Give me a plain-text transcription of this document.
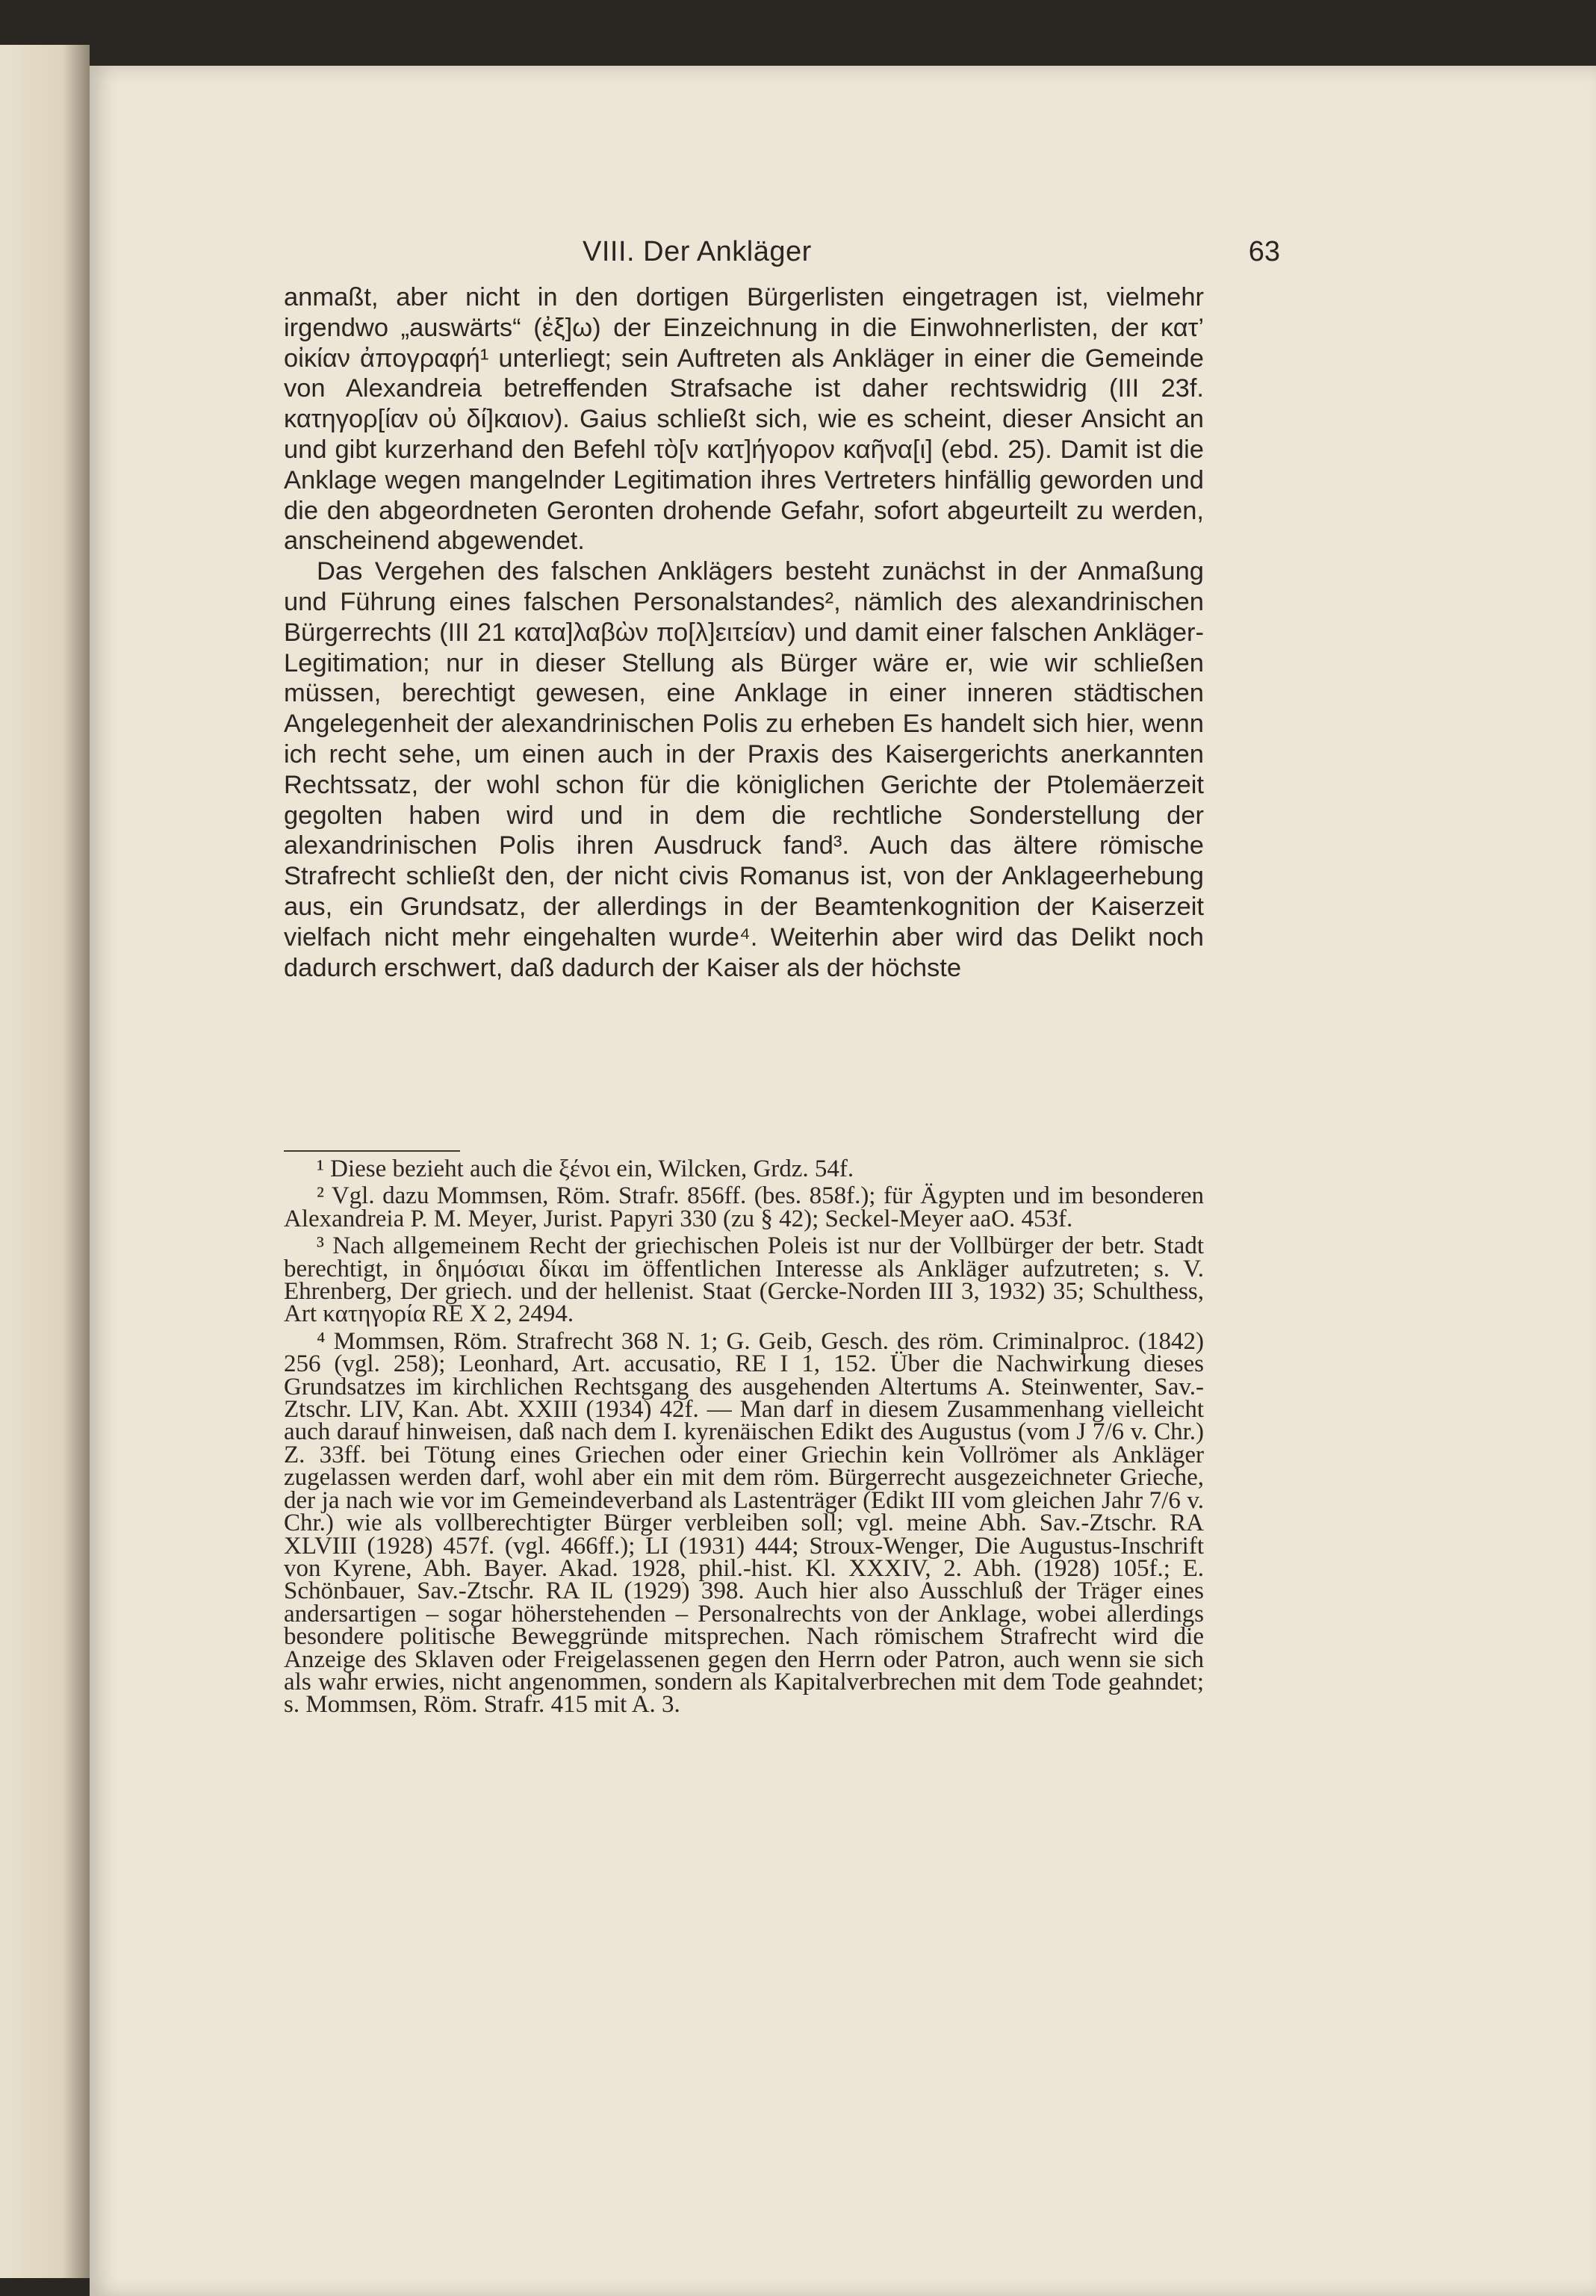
VIII. Der Ankläger	63

anmaßt, aber nicht in den dortigen Bürgerlisten eingetragen ist, vielmehr irgendwo „auswärts“ (ἐξ]ω) der Einzeichnung in die Einwohnerlisten, der κατ’ οἰκίαν ἀπογραφή¹ unterliegt; sein Auftreten als Ankläger in einer die Gemeinde von Alexandreia betreffenden Strafsache ist daher rechtswidrig (III 23f. κατηγορ[ίαν οὐ δί]καιον). Gaius schließt sich, wie es scheint, dieser Ansicht an und gibt kurzerhand den Befehl τὸ[ν κατ]ήγορον καῆνα[ι] (ebd. 25). Damit ist die Anklage wegen mangelnder Legitimation ihres Vertreters hinfällig geworden und die den abgeordneten Geronten drohende Gefahr, sofort abgeurteilt zu werden, anscheinend abgewendet.

Das Vergehen des falschen Anklägers besteht zunächst in der Anmaßung und Führung eines falschen Personalstandes², nämlich des alexandrinischen Bürgerrechts (III 21 κατα]λαβὼν πο[λ]ειτείαν) und damit einer falschen Ankläger-Legitimation; nur in dieser Stellung als Bürger wäre er, wie wir schließen müssen, berechtigt gewesen, eine Anklage in einer inneren städtischen Angelegenheit der alexandrinischen Polis zu erheben Es handelt sich hier, wenn ich recht sehe, um einen auch in der Praxis des Kaisergerichts anerkannten Rechtssatz, der wohl schon für die königlichen Gerichte der Ptolemäerzeit gegolten haben wird und in dem die rechtliche Sonderstellung der alexandrinischen Polis ihren Ausdruck fand³. Auch das ältere römische Strafrecht schließt den, der nicht civis Romanus ist, von der Anklageerhebung aus, ein Grundsatz, der allerdings in der Beamtenkognition der Kaiserzeit vielfach nicht mehr eingehalten wurde⁴. Weiterhin aber wird das Delikt noch dadurch erschwert, daß dadurch der Kaiser als der höchste

¹ Diese bezieht auch die ξένοι ein, Wilcken, Grdz. 54f.

² Vgl. dazu Mommsen, Röm. Strafr. 856ff. (bes. 858f.); für Ägypten und im besonderen Alexandreia P. M. Meyer, Jurist. Papyri 330 (zu § 42); Seckel-Meyer aaO. 453f.

³ Nach allgemeinem Recht der griechischen Poleis ist nur der Vollbürger der betr. Stadt berechtigt, in δημόσιαι δίκαι im öffentlichen Interesse als Ankläger aufzutreten; s. V. Ehrenberg, Der griech. und der hellenist. Staat (Gercke-Norden III 3, 1932) 35; Schulthess, Art κατηγορία RE X 2, 2494.

⁴ Mommsen, Röm. Strafrecht 368 N. 1; G. Geib, Gesch. des röm. Criminalproc. (1842) 256 (vgl. 258); Leonhard, Art. accusatio, RE I 1, 152. Über die Nachwirkung dieses Grundsatzes im kirchlichen Rechtsgang des ausgehenden Altertums A. Steinwenter, Sav.-Ztschr. LIV, Kan. Abt. XXIII (1934) 42f. — Man darf in diesem Zusammenhang vielleicht auch darauf hinweisen, daß nach dem I. kyrenäischen Edikt des Augustus (vom J 7/6 v. Chr.) Z. 33ff. bei Tötung eines Griechen oder einer Griechin kein Vollrömer als Ankläger zugelassen werden darf, wohl aber ein mit dem röm. Bürgerrecht ausgezeichneter Grieche, der ja nach wie vor im Gemeindeverband als Lastenträger (Edikt III vom gleichen Jahr 7/6 v. Chr.) wie als vollberechtigter Bürger verbleiben soll; vgl. meine Abh. Sav.-Ztschr. RA XLVIII (1928) 457f. (vgl. 466ff.); LI (1931) 444; Stroux-Wenger, Die Augustus-Inschrift von Kyrene, Abh. Bayer. Akad. 1928, phil.-hist. Kl. XXXIV, 2. Abh. (1928) 105f.; E. Schönbauer, Sav.-Ztschr. RA IL (1929) 398. Auch hier also Ausschluß der Träger eines andersartigen – sogar höherstehenden – Personalrechts von der Anklage, wobei allerdings besondere politische Beweggründe mitsprechen. Nach römischem Strafrecht wird die Anzeige des Sklaven oder Freigelassenen gegen den Herrn oder Patron, auch wenn sie sich als wahr erwies, nicht angenommen, sondern als Kapitalverbrechen mit dem Tode geahndet; s. Mommsen, Röm. Strafr. 415 mit A. 3.
